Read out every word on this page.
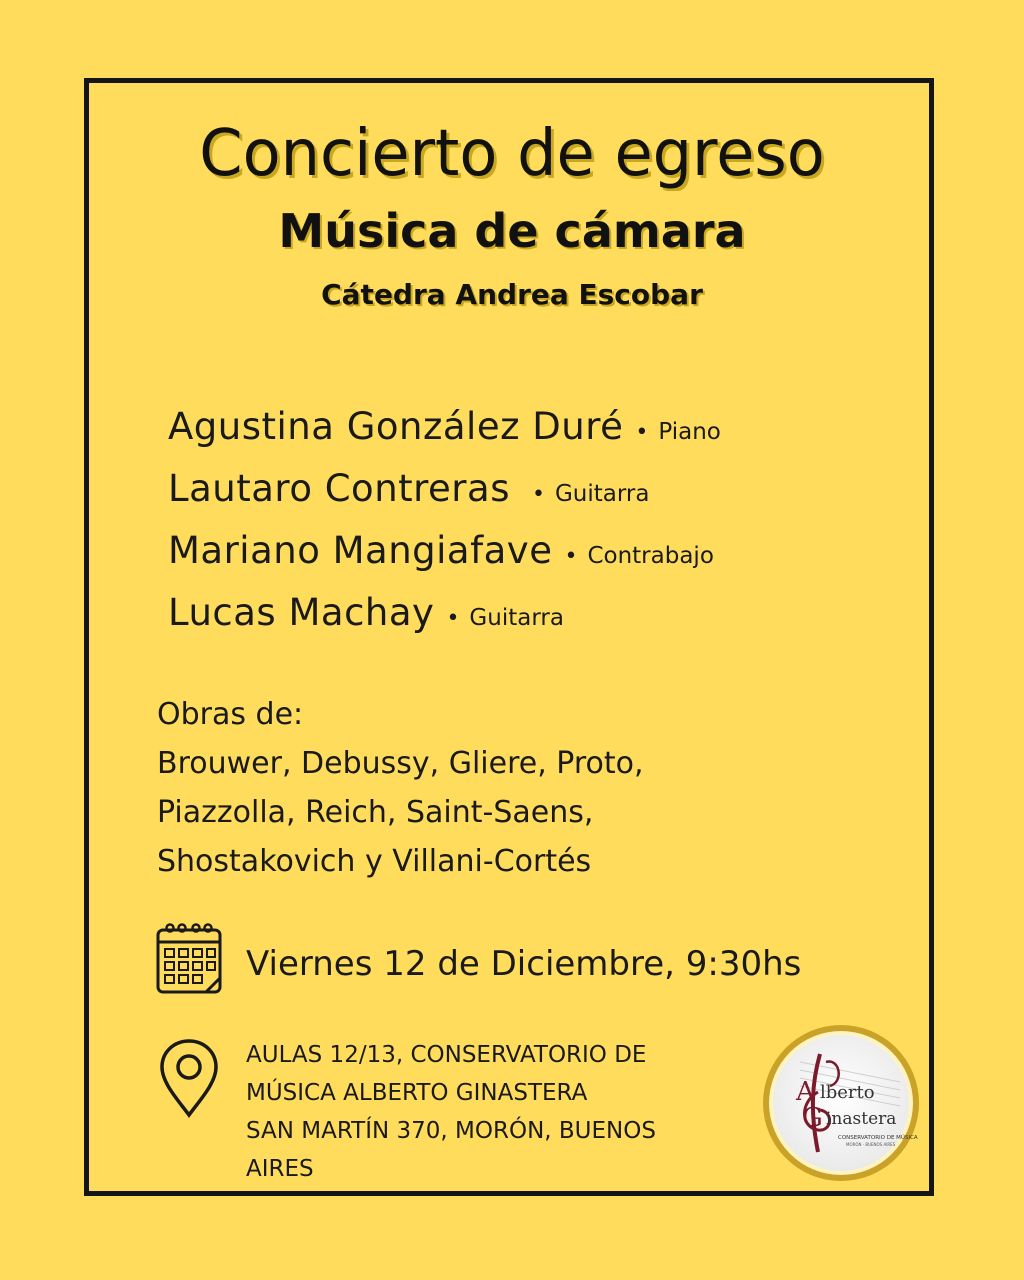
Concierto de egreso
Música de cámara
Cátedra Andrea Escobar
Agustina González Duré • Piano
Lautaro Contreras • Guitarra
Mariano Mangiafave • Contrabajo
Lucas Machay • Guitarra
Obras de:
Brouwer, Debussy, Gliere, Proto,
Piazzolla, Reich, Saint-Saens,
Shostakovich y Villani-Cortés
Viernes 12 de Diciembre, 9:30hs
AULAS 12/13, CONSERVATORIO DE
MÚSICA ALBERTO GINASTERA
SAN MARTÍN 370, MORÓN, BUENOS
AIRES
A lberto
G inastera
CONSERVATORIO DE MÚSICA
MORÓN · BUENOS AIRES
